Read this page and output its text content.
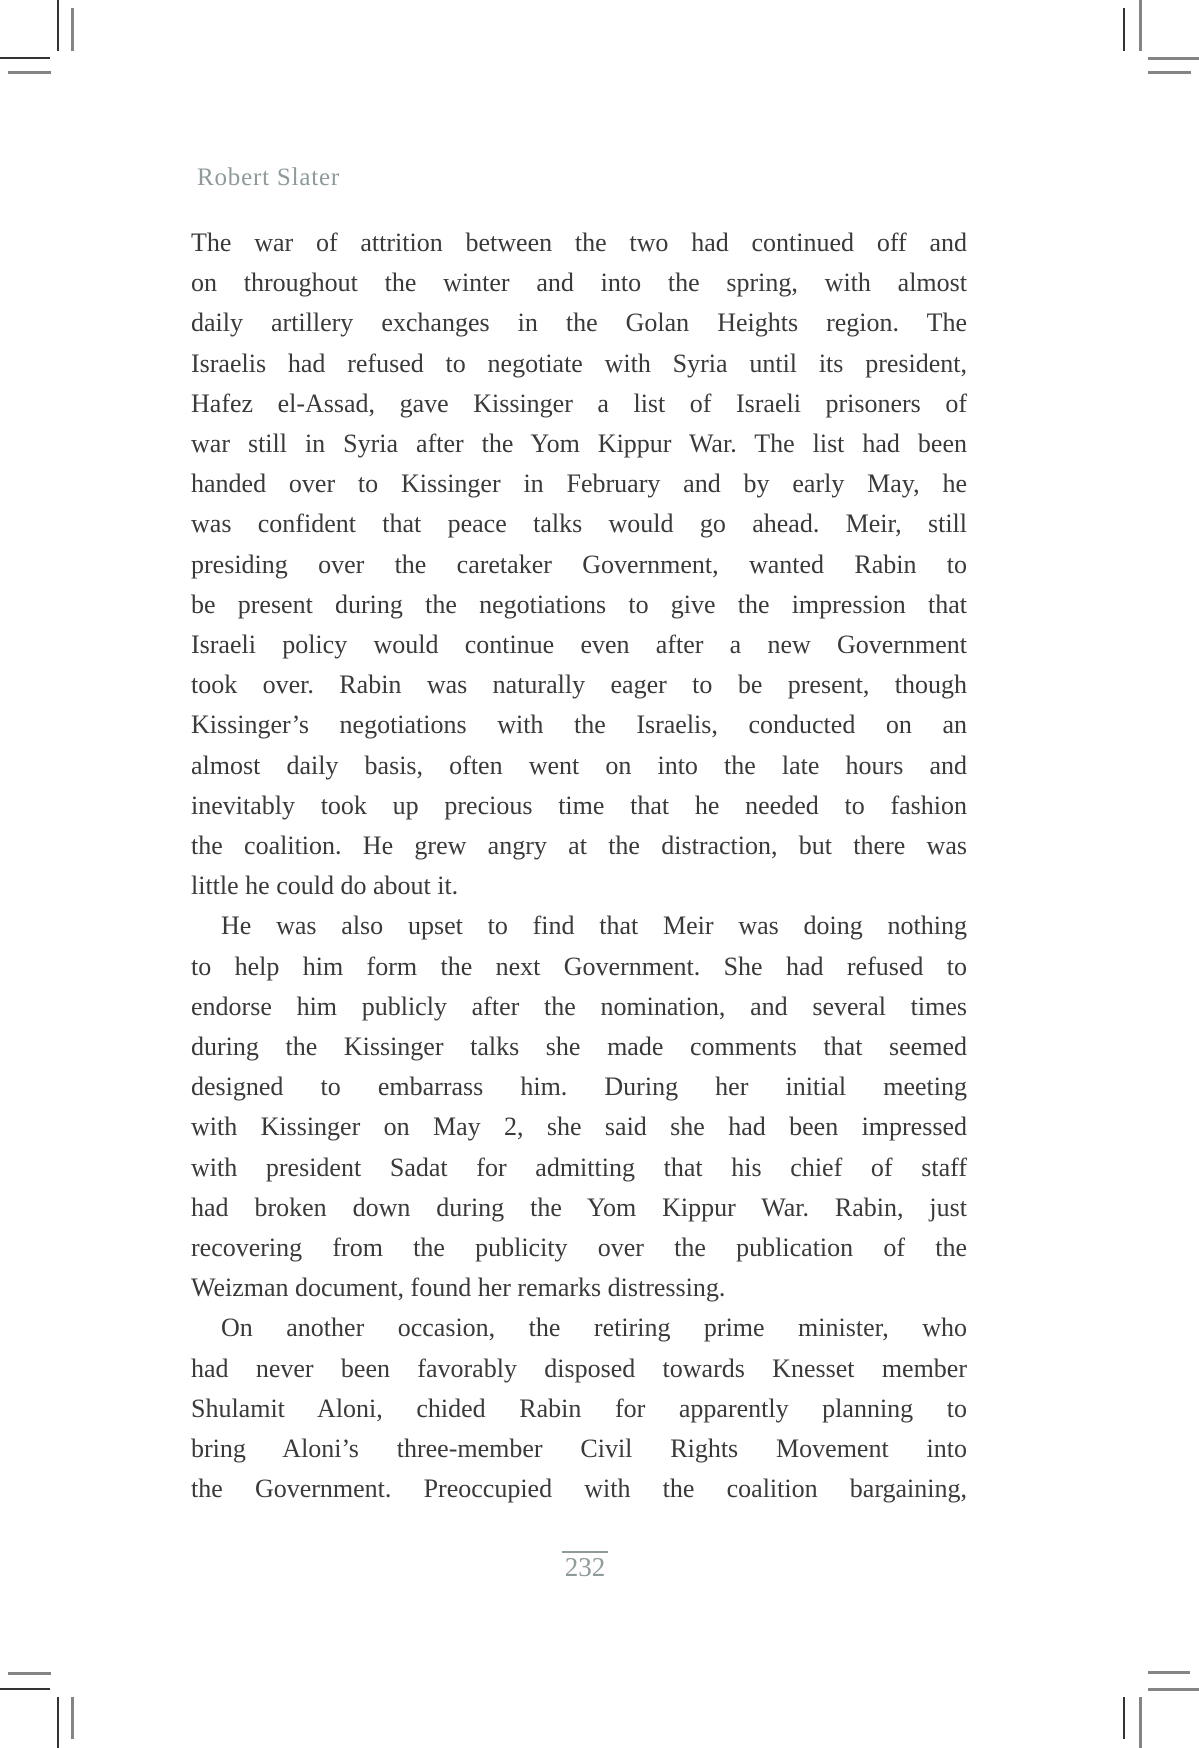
Robert Slater
The war of attrition between the two had continued off and
on throughout the winter and into the spring, with almost
daily artillery exchanges in the Golan Heights region. The
Israelis had refused to negotiate with Syria until its president,
Hafez el-Assad, gave Kissinger a list of Israeli prisoners of
war still in Syria after the Yom Kippur War. The list had been
handed over to Kissinger in February and by early May, he
was confident that peace talks would go ahead. Meir, still
presiding over the caretaker Government, wanted Rabin to
be present during the negotiations to give the impression that
Israeli policy would continue even after a new Government
took over. Rabin was naturally eager to be present, though
Kissinger’s negotiations with the Israelis, conducted on an
almost daily basis, often went on into the late hours and
inevitably took up precious time that he needed to fashion
the coalition. He grew angry at the distraction, but there was
little he could do about it.
He was also upset to find that Meir was doing nothing
to help him form the next Government. She had refused to
endorse him publicly after the nomination, and several times
during the Kissinger talks she made comments that seemed
designed to embarrass him. During her initial meeting
with Kissinger on May 2, she said she had been impressed
with president Sadat for admitting that his chief of staff
had broken down during the Yom Kippur War. Rabin, just
recovering from the publicity over the publication of the
Weizman document, found her remarks distressing.
On another occasion, the retiring prime minister, who
had never been favorably disposed towards Knesset member
Shulamit Aloni, chided Rabin for apparently planning to
bring Aloni’s three-member Civil Rights Movement into
the Government. Preoccupied with the coalition bargaining,
232
